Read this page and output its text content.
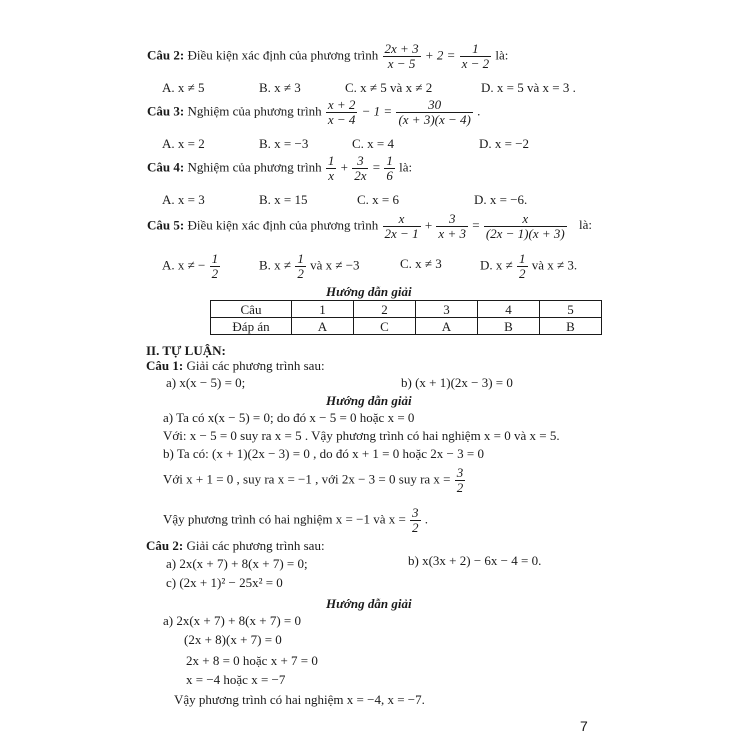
Câu 2: Điều kiện xác định của phương trình $\frac{2x + 3}{x - 5} + 2 = \frac{1}{x - 2}$ là:
A. x ≠ 5	B. x ≠ 3	C. x ≠ 5 và x ≠ 2	D. x = 5 và x = 3 .
Câu 3: Nghiệm của phương trình $\frac{x + 2}{x - 4} - 1 = \frac{30}{(x + 3)(x - 4)}$ .
A. x = 2	B. x = −3	C. x = 4	D. x = −2
Câu 4: Nghiệm của phương trình $\frac{1}{x} + \frac{3}{2x} = \frac{1}{6}$ là:
A. x = 3	B. x = 15	C. x = 6	D. x = −6.
Câu 5: Điều kiện xác định của phương trình $\frac{x}{2x - 1} + \frac{3}{x + 3} = \frac{x}{(2x - 1)(x + 3)}$ là:
A. x ≠ − $\frac{1}{2}$	B. $x \ne \frac{1}{2}$ và x ≠ −3	C. x ≠ 3	D. $x \ne \frac{1}{2}$ và x ≠ 3.
Hướng dẫn giải
Câu	1	2	3	4	5
Đáp án	A	C	A	B	B
II. TỰ LUẬN:
Câu 1: Giải các phương trình sau:
a) x(x − 5) = 0;	b) (x + 1)(2x − 3) = 0
Hướng dẫn giải
a) Ta có x(x − 5) = 0; do đó x − 5 = 0 hoặc x = 0
Với: x − 5 = 0 suy ra x = 5 . Vậy phương trình có hai nghiệm x = 0 và x = 5.
b) Ta có: (x + 1)(2x − 3) = 0 , do đó x + 1 = 0 hoặc 2x − 3 = 0
Với x + 1 = 0 , suy ra x = −1 , với 2x − 3 = 0 suy ra $x = \frac{3}{2}$
Vậy phương trình có hai nghiệm x = −1 và $x = \frac{3}{2}$ .
Câu 2: Giải các phương trình sau:
a) 2x(x + 7) + 8(x + 7) = 0;	b) x(3x + 2) − 6x − 4 = 0.
c) (2x + 1)² − 25x² = 0
Hướng dẫn giải
a) 2x(x + 7) + 8(x + 7) = 0
(2x + 8)(x + 7) = 0
2x + 8 = 0 hoặc x + 7 = 0
x = −4 hoặc x = −7
Vậy phương trình có hai nghiệm x = −4, x = −7.
7
